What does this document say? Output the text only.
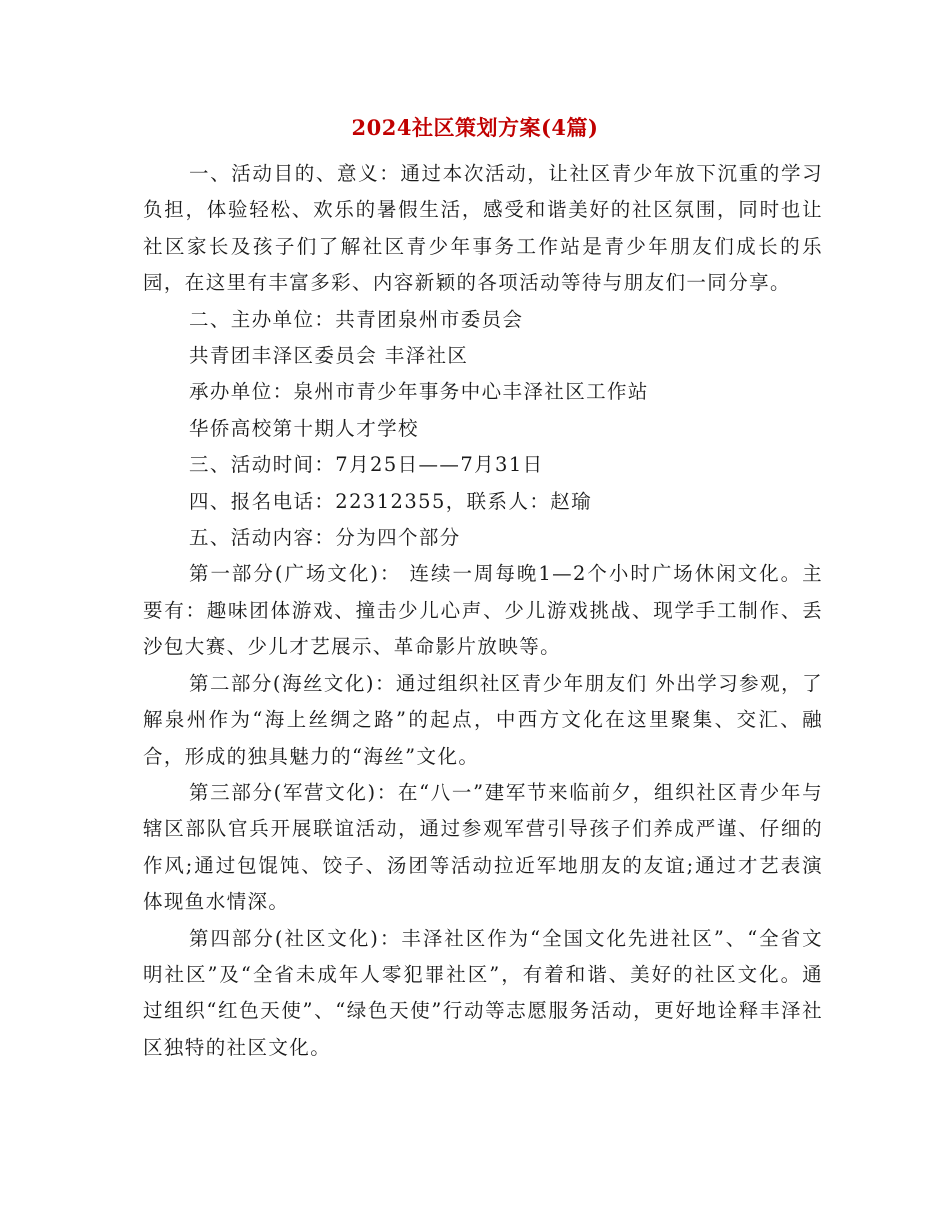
2024社区策划方案(4篇)

一、活动目的、意义：通过本次活动，让社区青少年放下沉重的学习负担，体验轻松、欢乐的暑假生活，感受和谐美好的社区氛围，同时也让社区家长及孩子们了解社区青少年事务工作站是青少年朋友们成长的乐园，在这里有丰富多彩、内容新颖的各项活动等待与朋友们一同分享。

二、主办单位：共青团泉州市委员会

共青团丰泽区委员会 丰泽社区

承办单位：泉州市青少年事务中心丰泽社区工作站

华侨高校第十期人才学校

三、活动时间：7月25日——7月31日

四、报名电话：22312355，联系人：赵瑜

五、活动内容：分为四个部分

第一部分(广场文化)： 连续一周每晚1—2个小时广场休闲文化。主要有：趣味团体游戏、撞击少儿心声、少儿游戏挑战、现学手工制作、丢沙包大赛、少儿才艺展示、革命影片放映等。

第二部分(海丝文化)：通过组织社区青少年朋友们 外出学习参观，了解泉州作为“海上丝绸之路”的起点，中西方文化在这里聚集、交汇、融合，形成的独具魅力的“海丝”文化。

第三部分(军营文化)：在“八一”建军节来临前夕，组织社区青少年与辖区部队官兵开展联谊活动，通过参观军营引导孩子们养成严谨、仔细的作风;通过包馄饨、饺子、汤团等活动拉近军地朋友的友谊;通过才艺表演体现鱼水情深。

第四部分(社区文化)：丰泽社区作为“全国文化先进社区”、“全省文明社区”及“全省未成年人零犯罪社区”，有着和谐、美好的社区文化。通过组织“红色天使”、“绿色天使”行动等志愿服务活动，更好地诠释丰泽社区独特的社区文化。
